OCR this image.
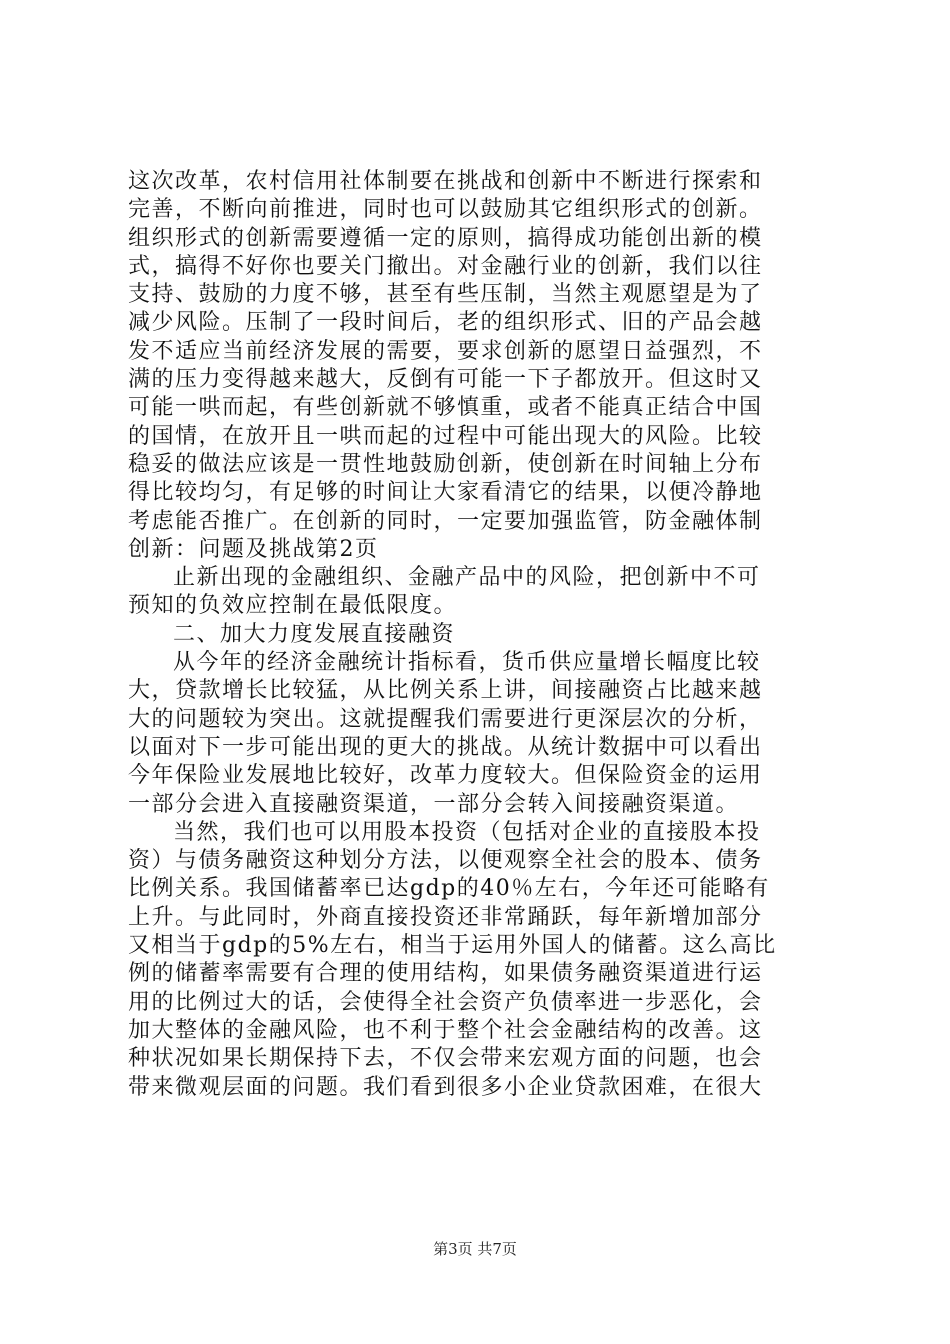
这次改革，农村信用社体制要在挑战和创新中不断进行探索和
完善，不断向前推进，同时也可以鼓励其它组织形式的创新。
组织形式的创新需要遵循一定的原则，搞得成功能创出新的模
式，搞得不好你也要关门撤出。对金融行业的创新，我们以往
支持、鼓励的力度不够，甚至有些压制，当然主观愿望是为了
减少风险。压制了一段时间后，老的组织形式、旧的产品会越
发不适应当前经济发展的需要，要求创新的愿望日益强烈，不
满的压力变得越来越大，反倒有可能一下子都放开。但这时又
可能一哄而起，有些创新就不够慎重，或者不能真正结合中国
的国情，在放开且一哄而起的过程中可能出现大的风险。比较
稳妥的做法应该是一贯性地鼓励创新，使创新在时间轴上分布
得比较均匀，有足够的时间让大家看清它的结果，以便冷静地
考虑能否推广。在创新的同时，一定要加强监管，防金融体制
创新：问题及挑战第2页
止新出现的金融组织、金融产品中的风险，把创新中不可
预知的负效应控制在最低限度。
二、加大力度发展直接融资
从今年的经济金融统计指标看，货币供应量增长幅度比较
大，贷款增长比较猛，从比例关系上讲，间接融资占比越来越
大的问题较为突出。这就提醒我们需要进行更深层次的分析，
以面对下一步可能出现的更大的挑战。从统计数据中可以看出
今年保险业发展地比较好，改革力度较大。但保险资金的运用
一部分会进入直接融资渠道，一部分会转入间接融资渠道。
当然，我们也可以用股本投资（包括对企业的直接股本投
资）与债务融资这种划分方法，以便观察全社会的股本、债务
比例关系。我国储蓄率已达gdp的40％左右，今年还可能略有
上升。与此同时，外商直接投资还非常踊跃，每年新增加部分
又相当于gdp的5%左右，相当于运用外国人的储蓄。这么高比
例的储蓄率需要有合理的使用结构，如果债务融资渠道进行运
用的比例过大的话，会使得全社会资产负债率进一步恶化，会
加大整体的金融风险，也不利于整个社会金融结构的改善。这
种状况如果长期保持下去，不仅会带来宏观方面的问题，也会
带来微观层面的问题。我们看到很多小企业贷款困难，在很大
第3页 共7页
